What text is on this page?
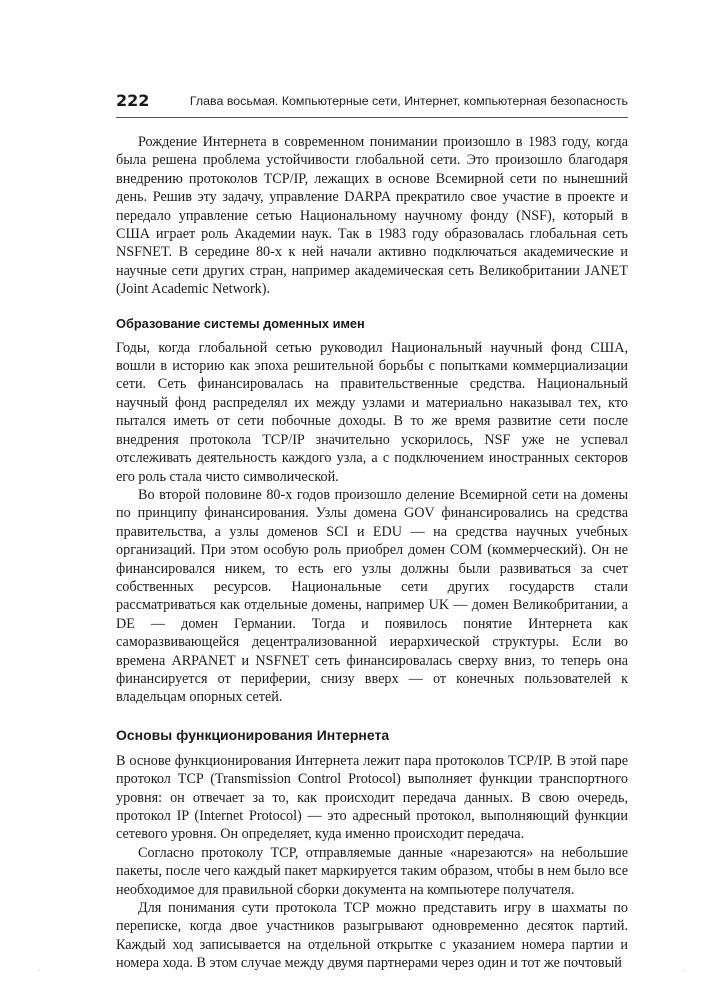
222	Глава восьмая. Компьютерные сети, Интернет, компьютерная безопасность

Рождение Интернета в современном понимании произошло в 1983 году, когда была решена проблема устойчивости глобальной сети. Это произошло благодаря внедрению протоколов TCP/IP, лежащих в основе Всемирной сети по нынешний день. Решив эту задачу, управление DARPA прекратило свое участие в проекте и передало управление сетью Национальному научному фонду (NSF), который в США играет роль Академии наук. Так в 1983 году образовалась глобальная сеть NSFNET. В середине 80-х к ней начали активно подключаться академические и научные сети других стран, например академическая сеть Великобритании JANET (Joint Academic Network).

Образование системы доменных имен

Годы, когда глобальной сетью руководил Национальный научный фонд США, вошли в историю как эпоха решительной борьбы с попытками коммерциализации сети. Сеть финансировалась на правительственные средства. Национальный научный фонд распределял их между узлами и материально наказывал тех, кто пытался иметь от сети побочные доходы. В то же время развитие сети после внедрения протокола TCP/IP значительно ускорилось, NSF уже не успевал отслеживать деятельность каждого узла, а с подключением иностранных секторов его роль стала чисто символической.

Во второй половине 80-х годов произошло деление Всемирной сети на домены по принципу финансирования. Узлы домена GOV финансировались на средства правительства, а узлы доменов SCI и EDU — на средства научных учебных организаций. При этом особую роль приобрел домен COM (коммерческий). Он не финансировался никем, то есть его узлы должны были развиваться за счет собственных ресурсов. Национальные сети других государств стали рассматриваться как отдельные домены, например UK — домен Великобритании, а DE — домен Германии. Тогда и появилось понятие Интернета как саморазвивающейся децентрализованной иерархической структуры. Если во времена ARPANET и NSFNET сеть финансировалась сверху вниз, то теперь она финансируется от периферии, снизу вверх — от конечных пользователей к владельцам опорных сетей.

Основы функционирования Интернета

В основе функционирования Интернета лежит пара протоколов TCP/IP. В этой паре протокол TCP (Transmission Control Protocol) выполняет функции транспортного уровня: он отвечает за то, как происходит передача данных. В свою очередь, протокол IP (Internet Protocol) — это адресный протокол, выполняющий функции сетевого уровня. Он определяет, куда именно происходит передача.

Согласно протоколу TCP, отправляемые данные «нарезаются» на небольшие пакеты, после чего каждый пакет маркируется таким образом, чтобы в нем было все необходимое для правильной сборки документа на компьютере получателя.

Для понимания сути протокола TCP можно представить игру в шахматы по переписке, когда двое участников разыгрывают одновременно десяток партий. Каждый ход записывается на отдельной открытке с указанием номера партии и номера хода. В этом случае между двумя партнерами через один и тот же почтовый

·	·
